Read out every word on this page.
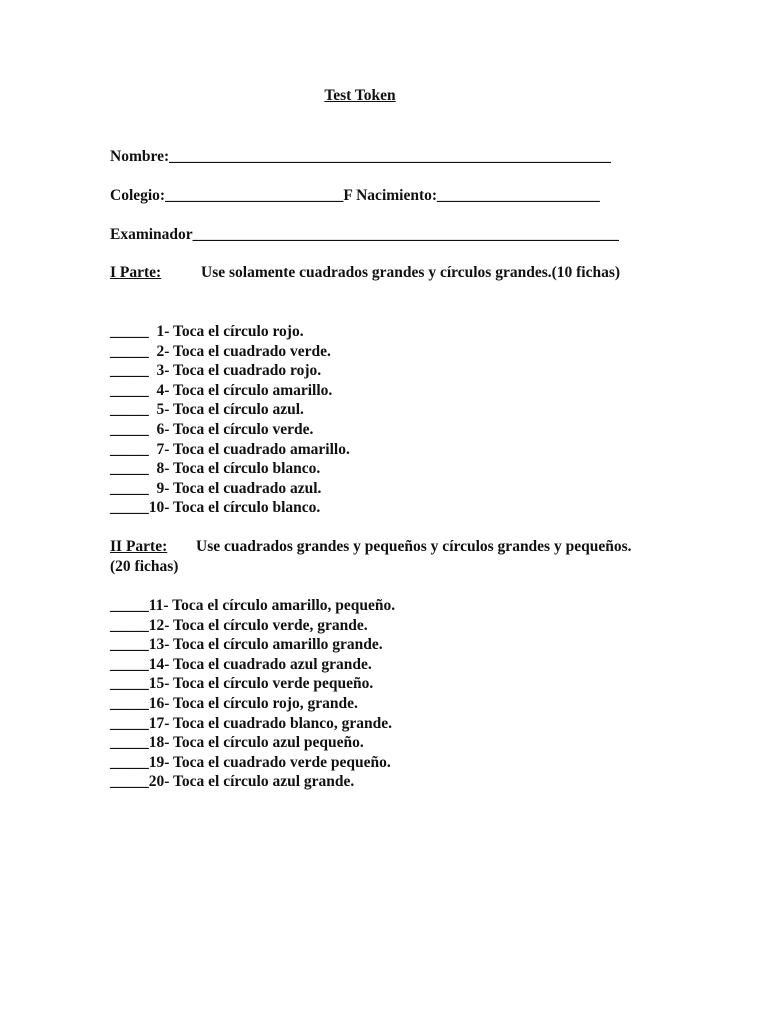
Test Token
Nombre:_________________________________________________________
Colegio:_______________________F Nacimiento:_____________________
Examinador_______________________________________________________
I Parte:	Use solamente cuadrados grandes y círculos grandes.(10 fichas)
_____  1- Toca el círculo rojo.
_____  2- Toca el cuadrado verde.
_____  3- Toca el cuadrado rojo.
_____  4- Toca el círculo amarillo.
_____  5- Toca el círculo azul.
_____  6- Toca el círculo verde.
_____  7- Toca el cuadrado amarillo.
_____  8- Toca el círculo blanco.
_____  9- Toca el cuadrado azul.
_____10- Toca el círculo blanco.
II Parte: Use cuadrados grandes y pequeños y círculos grandes y pequeños.(20 fichas)
_____11- Toca el círculo amarillo, pequeño.
_____12- Toca el círculo verde, grande.
_____13- Toca el círculo amarillo grande.
_____14- Toca el cuadrado azul grande.
_____15- Toca el círculo verde pequeño.
_____16- Toca el círculo rojo, grande.
_____17- Toca el cuadrado blanco, grande.
_____18- Toca el círculo azul pequeño.
_____19- Toca el cuadrado verde pequeño.
_____20- Toca el círculo azul grande.
